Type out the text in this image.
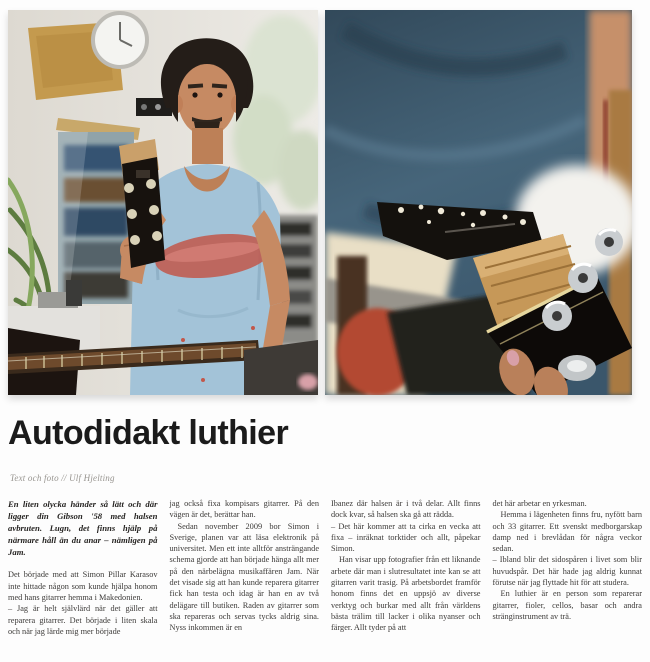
Autodidakt luthier
Text och foto // Ulf Hjelting

En liten olycka händer så lätt och där ligger din Gibson '58 med halsen avbruten. Lugn, det finns hjälp på närmare håll än du anar – nämligen på Jam.

Det började med att Simon Pillar Karasov inte hittade någon som kunde hjälpa honom med hans gitarrer hemma i Makedonien.

– Jag är helt självlärd när det gäller att reparera gitarrer. Det började i liten skala och när jag lärde mig mer började

jag också fixa kompisars gitarrer. På den vägen är det, berättar han.

Sedan november 2009 bor Simon i Sverige, planen var att läsa elektronik på universitet. Men ett inte alltför ansträngande schema gjorde att han började hänga allt mer på den närbelägna musikaffären Jam. När det visade sig att han kunde reparera gitarrer fick han testa och idag är han en av två delägare till butiken. Raden av gitarrer som ska repareras och servas tycks aldrig sina. Nyss inkommen är en

Ibanez där halsen är i två delar. Allt finns dock kvar, så halsen ska gå att rädda.

– Det här kommer att ta cirka en vecka att fixa – inräknat torktider och allt, påpekar Simon.

Han visar upp fotografier från ett liknande arbete där man i slutresultatet inte kan se att gitarren varit trasig. På arbetsbordet framför honom finns det en uppsjö av diverse verktyg och burkar med allt från världens bästa trälim till lacker i olika nyanser och färger. Allt tyder på att

det här arbetar en yrkesman.

Hemma i lägenheten finns fru, nyfött barn och 33 gitarrer. Ett svenskt medborgarskap damp ned i brevlådan för några veckor sedan.

– Ibland blir det sidospåren i livet som blir huvudspår. Det här hade jag aldrig kunnat förutse när jag flyttade hit för att studera.

En luthier är en person som reparerar gitarrer, fioler, cellos, basar och andra stränginstrument av trä.
